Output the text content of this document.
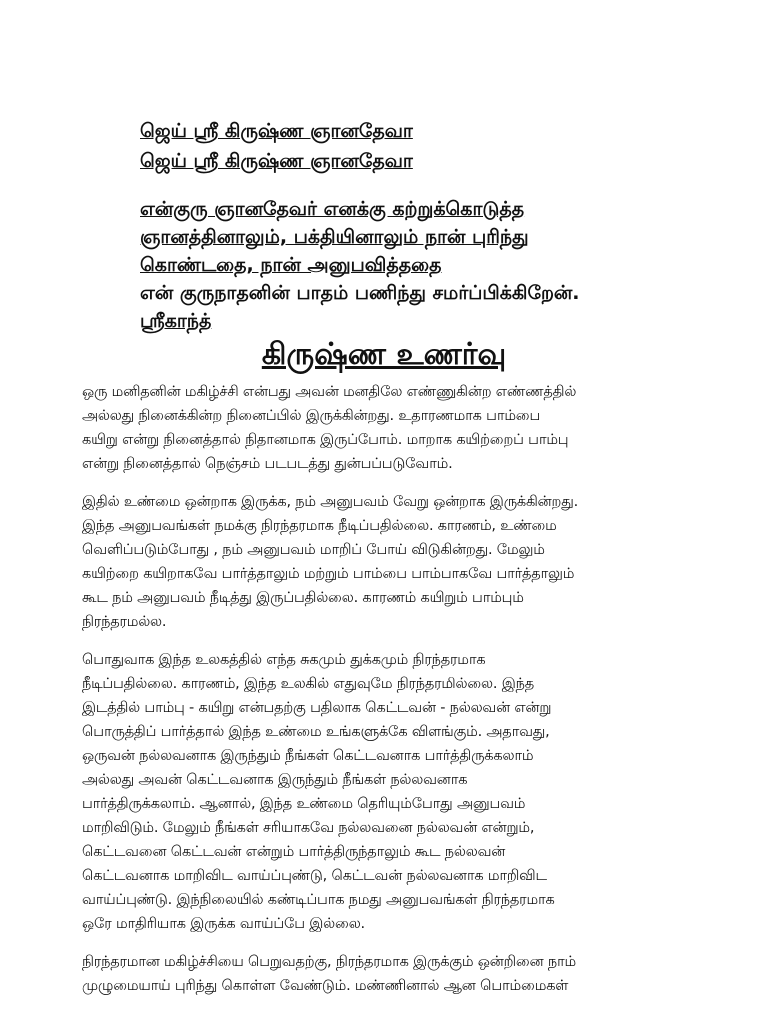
ஜெய் ஸ்ரீ கிருஷ்ண ஞானதேவா
ஜெய் ஸ்ரீ கிருஷ்ண ஞானதேவா
என்குரு ஞானதேவர் எனக்கு கற்றுக்கொடுத்த
ஞானத்தினாலும், பக்தியினாலும் நான் புரிந்து
கொண்டதை, நான் அனுபவித்ததை
என் குருநாதனின் பாதம் பணிந்து சமர்ப்பிக்கிறேன்.
ஸ்ரீகாந்த்
கிருஷ்ண உணர்வு
ஒரு மனிதனின் மகிழ்ச்சி என்பது அவன் மனதிலே எண்ணுகின்ற எண்ணத்தில்
அல்லது நினைக்கின்ற நினைப்பில் இருக்கின்றது. உதாரணமாக பாம்பை
கயிறு என்று நினைத்தால் நிதானமாக இருப்போம். மாறாக கயிற்றைப் பாம்பு
என்று நினைத்தால் நெஞ்சம் படபடத்து துன்பப்படுவோம்.
இதில் உண்மை ஒன்றாக இருக்க, நம் அனுபவம் வேறு ஒன்றாக இருக்கின்றது.
இந்த அனுபவங்கள் நமக்கு நிரந்தரமாக நீடிப்பதில்லை. காரணம், உண்மை
வெளிப்படும்போது , நம் அனுபவம் மாறிப் போய் விடுகின்றது. மேலும்
கயிற்றை கயிறாகவே பார்த்தாலும் மற்றும் பாம்பை பாம்பாகவே பார்த்தாலும்
கூட நம் அனுபவம் நீடித்து இருப்பதில்லை. காரணம் கயிறும் பாம்பும்
நிரந்தரமல்ல.
பொதுவாக இந்த உலகத்தில் எந்த சுகமும் துக்கமும் நிரந்தரமாக
நீடிப்பதில்லை. காரணம், இந்த உலகில் எதுவுமே நிரந்தரமில்லை. இந்த
இடத்தில் பாம்பு - கயிறு என்பதற்கு பதிலாக கெட்டவன் - நல்லவன் என்று
பொருத்திப் பார்த்தால் இந்த உண்மை உங்களுக்கே விளங்கும். அதாவது,
ஒருவன் நல்லவனாக இருந்தும் நீங்கள் கெட்டவனாக பார்த்திருக்கலாம்
அல்லது அவன் கெட்டவனாக இருந்தும் நீங்கள் நல்லவனாக
பார்த்திருக்கலாம். ஆனால், இந்த உண்மை தெரியும்போது அனுபவம்
மாறிவிடும். மேலும் நீங்கள் சரியாகவே நல்லவனை நல்லவன் என்றும்,
கெட்டவனை கெட்டவன் என்றும் பார்த்திருந்தாலும் கூட நல்லவன்
கெட்டவனாக மாறிவிட வாய்ப்புண்டு, கெட்டவன் நல்லவனாக மாறிவிட
வாய்ப்புண்டு. இந்நிலையில் கண்டிப்பாக நமது அனுபவங்கள் நிரந்தரமாக
ஒரே மாதிரியாக இருக்க வாய்ப்பே இல்லை.
நிரந்தரமான மகிழ்ச்சியை பெறுவதற்கு, நிரந்தரமாக இருக்கும் ஒன்றினை நாம்
முழுமையாய் புரிந்து கொள்ள வேண்டும். மண்ணினால் ஆன பொம்மைகள்
